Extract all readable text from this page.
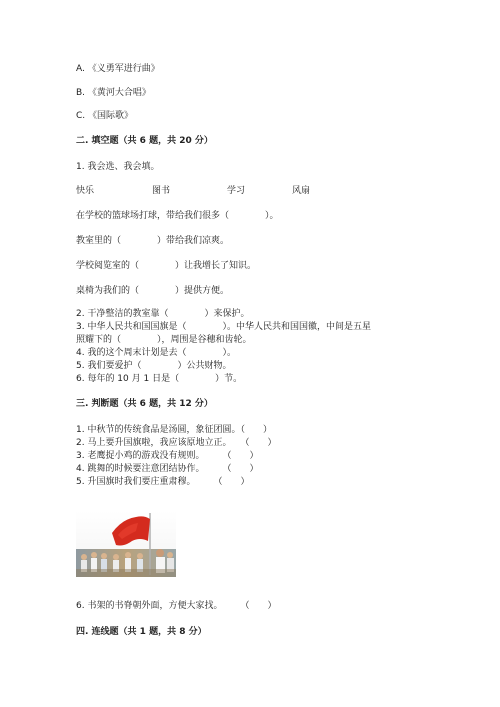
A. 《义勇军进行曲》
B. 《黄河大合唱》
C. 《国际歌》
二. 填空题（共 6 题，共 20 分）
1. 我会选、我会填。
快乐	图书	学习	风扇
在学校的篮球场打球，带给我们很多（　　　　）。
教室里的（　　　　）带给我们凉爽。
学校阅览室的（　　　　）让我增长了知识。
桌椅为我们的（　　　　）提供方便。
2. 干净整洁的教室靠（　　　　）来保护。
3. 中华人民共和国国旗是（　　　　）。中华人民共和国国徽，中间是五星
照耀下的（　　　　），周围是谷穗和齿轮。
4. 我的这个周末计划是去（　　　　）。
5. 我们要爱护（　　　　）公共财物。
6. 每年的 10 月 1 日是（　　　　）节。
三. 判断题（共 6 题，共 12 分）
1. 中秋节的传统食品是汤圆，象征团圆。（　　）
2. 马上要升国旗啦，我应该原地立正。　　（　　）
3. 老鹰捉小鸡的游戏没有规则。　　　（　　）
4. 跳舞的时候要注意团结协作。　　　（　　）
5. 升国旗时我们要庄重肃穆。　　　（　　）
6. 书架的书脊朝外面，方便大家找。　　　（　　）
四. 连线题（共 1 题，共 8 分）
